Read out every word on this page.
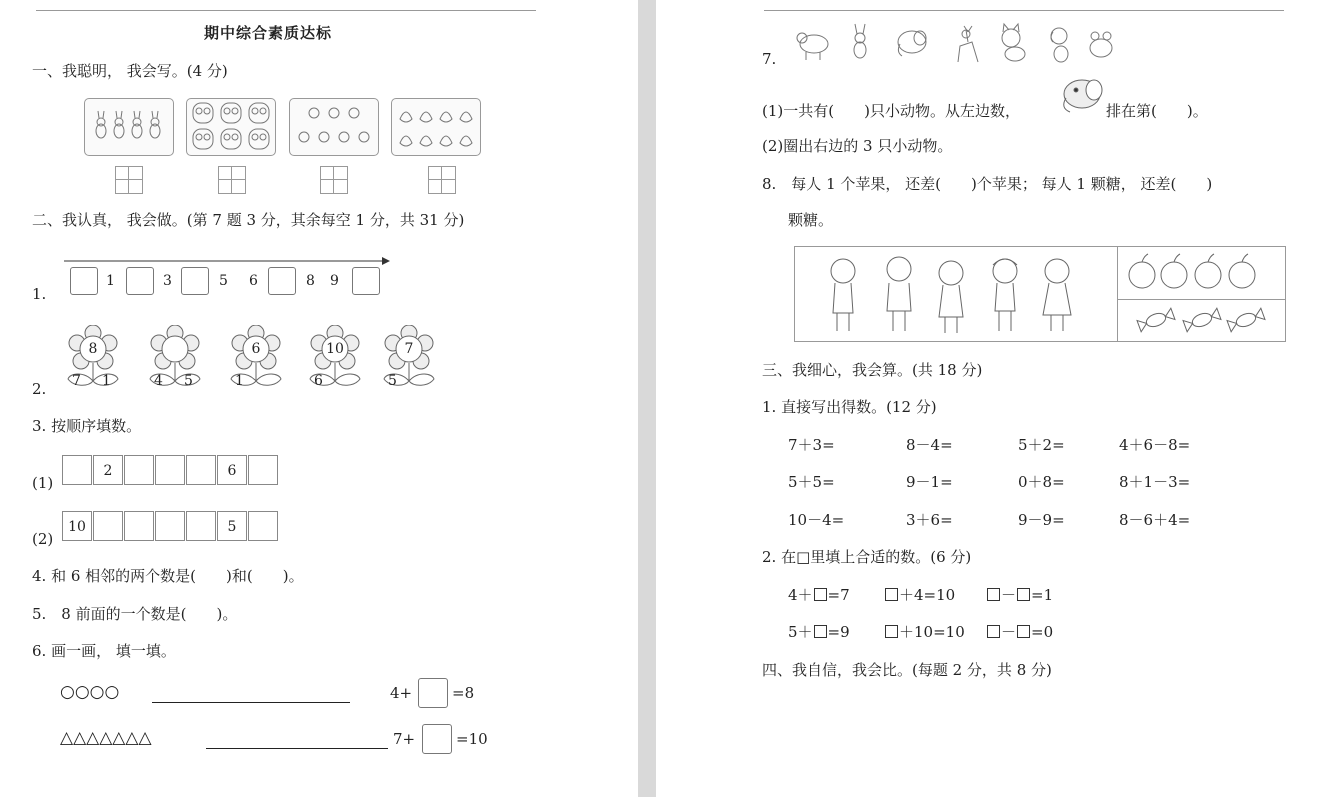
期中综合素质达标
一、我聪明， 我会写。(4 分)
二、我认真， 我会做。(第 7 题 3 分，其余每空 1 分，共 31 分)
1.
1	3	5 6	8 9
2.
8
7 1	4 5
6
1
10
6
7
5
3. 按顺序填数。
(1)
2	6
(2)
10	5
4. 和 6 相邻的两个数是(　　)和(　　)。
5.　8 前面的一个数是(　　)。
6. 画一画， 填一填。
○○○○	4+	=8
△△△△△△△	7+	=10
7.
(1)一共有(　　)只小动物。从左边数，	排在第(　　)。
(2)圈出右边的 3 只小动物。
8.　每人 1 个苹果， 还差(　　)个苹果； 每人 1 颗糖， 还差(　　)
颗糖。
三、我细心，我会算。(共 18 分)
1. 直接写出得数。(12 分)
7＋3=	8－4=	5＋2=	4＋6－8=
5＋5=	9－1=	0＋8=	8＋1－3=
10－4=	3＋6=	9－9=	8－6＋4=
2. 在□里填上合适的数。(6 分)
4＋ =7	＋4=10	－ =1
5＋ =9	＋10=10	－ =0
四、我自信，我会比。(每题 2 分，共 8 分)
